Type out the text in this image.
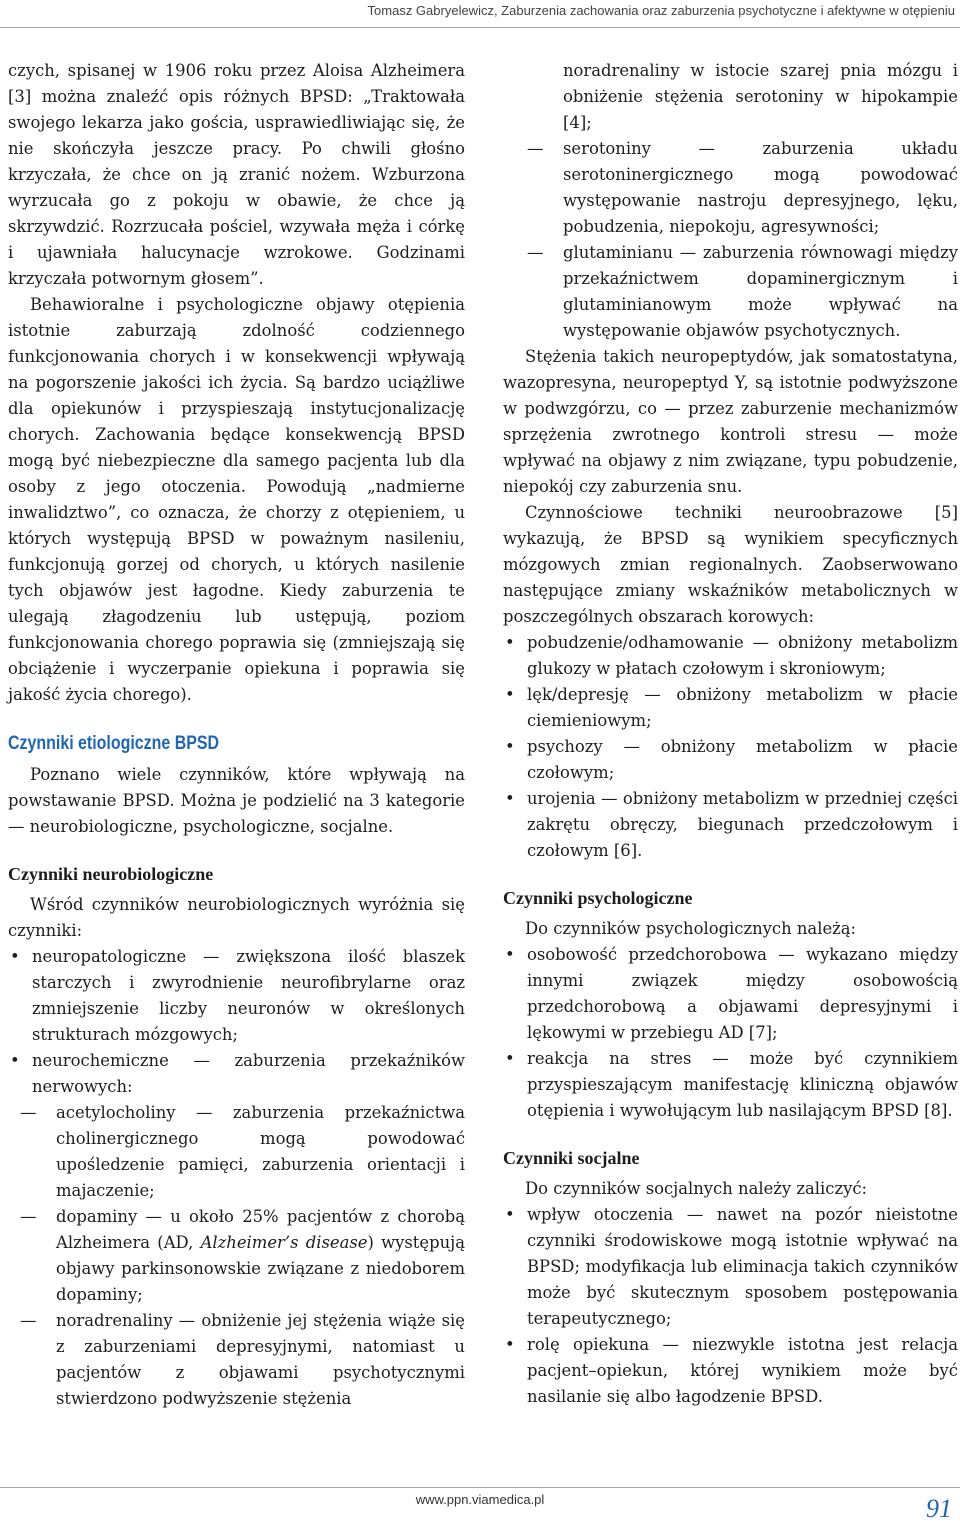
Tomasz Gabryelewicz, Zaburzenia zachowania oraz zaburzenia psychotyczne i afektywne w otępieniu

czych, spisanej w 1906 roku przez Aloisa Alzheimera [3] można znaleźć opis różnych BPSD: „Traktowała swojego lekarza jako gościa, usprawiedliwiając się, że nie skończyła jeszcze pracy. Po chwili głośno krzyczała, że chce on ją zranić nożem. Wzburzona wyrzucała go z pokoju w obawie, że chce ją skrzywdzić. Rozrzucała pościel, wzywała męża i córkę i ujawniała halucynacje wzrokowe. Godzinami krzyczała potwornym głosem”.

Behawioralne i psychologiczne objawy otępienia istotnie zaburzają zdolność codziennego funkcjonowania chorych i w konsekwencji wpływają na pogorszenie jakości ich życia. Są bardzo uciążliwe dla opiekunów i przyspieszają instytucjonalizację chorych. Zachowania będące konsekwencją BPSD mogą być niebezpieczne dla samego pacjenta lub dla osoby z jego otoczenia. Powodują „nadmierne inwalidztwo”, co oznacza, że chorzy z otępieniem, u których występują BPSD w poważnym nasileniu, funkcjonują gorzej od chorych, u których nasilenie tych objawów jest łagodne. Kiedy zaburzenia te ulegają złagodzeniu lub ustępują, poziom funkcjonowania chorego poprawia się (zmniejszają się obciążenie i wyczerpanie opiekuna i poprawia się jakość życia chorego).

Czynniki etiologiczne BPSD

Poznano wiele czynników, które wpływają na powstawanie BPSD. Można je podzielić na 3 kategorie — neurobiologiczne, psychologiczne, socjalne.

Czynniki neurobiologiczne

Wśród czynników neurobiologicznych wyróżnia się czynniki:

• neuropatologiczne — zwiększona ilość blaszek starczych i zwyrodnienie neurofibrylarne oraz zmniejszenie liczby neuronów w określonych strukturach mózgowych;
• neurochemiczne — zaburzenia przekaźników nerwowych:
— acetylocholiny — zaburzenia przekaźnictwa cholinergicznego mogą powodować upośledzenie pamięci, zaburzenia orientacji i majaczenie;
— dopaminy — u około 25% pacjentów z chorobą Alzheimera (AD, Alzheimer’s disease) występują objawy parkinsonowskie związane z niedoborem dopaminy;
— noradrenaliny — obniżenie jej stężenia wiąże się z zaburzeniami depresyjnymi, natomiast u pacjentów z objawami psychotycznymi stwierdzono podwyższenie stężenia

noradrenaliny w istocie szarej pnia mózgu i obniżenie stężenia serotoniny w hipokampie [4];

— serotoniny — zaburzenia układu serotoninergicznego mogą powodować występowanie nastroju depresyjnego, lęku, pobudzenia, niepokoju, agresywności;
— glutaminianu — zaburzenia równowagi między przekaźnictwem dopaminergicznym i glutaminianowym może wpływać na występowanie objawów psychotycznych.

Stężenia takich neuropeptydów, jak somatostatyna, wazopresyna, neuropeptyd Y, są istotnie podwyższone w podwzgórzu, co — przez zaburzenie mechanizmów sprzężenia zwrotnego kontroli stresu — może wpływać na objawy z nim związane, typu pobudzenie, niepokój czy zaburzenia snu.

Czynnościowe techniki neuroobrazowe [5] wykazują, że BPSD są wynikiem specyficznych mózgowych zmian regionalnych. Zaobserwowano następujące zmiany wskaźników metabolicznych w poszczególnych obszarach korowych:

• pobudzenie/odhamowanie — obniżony metabolizm glukozy w płatach czołowym i skroniowym;
• lęk/depresję — obniżony metabolizm w płacie ciemieniowym;
• psychozy — obniżony metabolizm w płacie czołowym;
• urojenia — obniżony metabolizm w przedniej części zakrętu obręczy, biegunach przedczołowym i czołowym [6].
Czynniki psychologiczne

Do czynników psychologicznych należą:

• osobowość przedchorobowa — wykazano między innymi związek między osobowością przedchorobową a objawami depresyjnymi i lękowymi w przebiegu AD [7];
• reakcja na stres — może być czynnikiem przyspieszającym manifestację kliniczną objawów otępienia i wywołującym lub nasilającym BPSD [8].
Czynniki socjalne

Do czynników socjalnych należy zaliczyć:

• wpływ otoczenia — nawet na pozór nieistotne czynniki środowiskowe mogą istotnie wpływać na BPSD; modyfikacja lub eliminacja takich czynników może być skutecznym sposobem postępowania terapeutycznego;
• rolę opiekuna — niezwykle istotna jest relacja pacjent–opiekun, której wynikiem może być nasilanie się albo łagodzenie BPSD.
www.ppn.viamedica.pl	91
